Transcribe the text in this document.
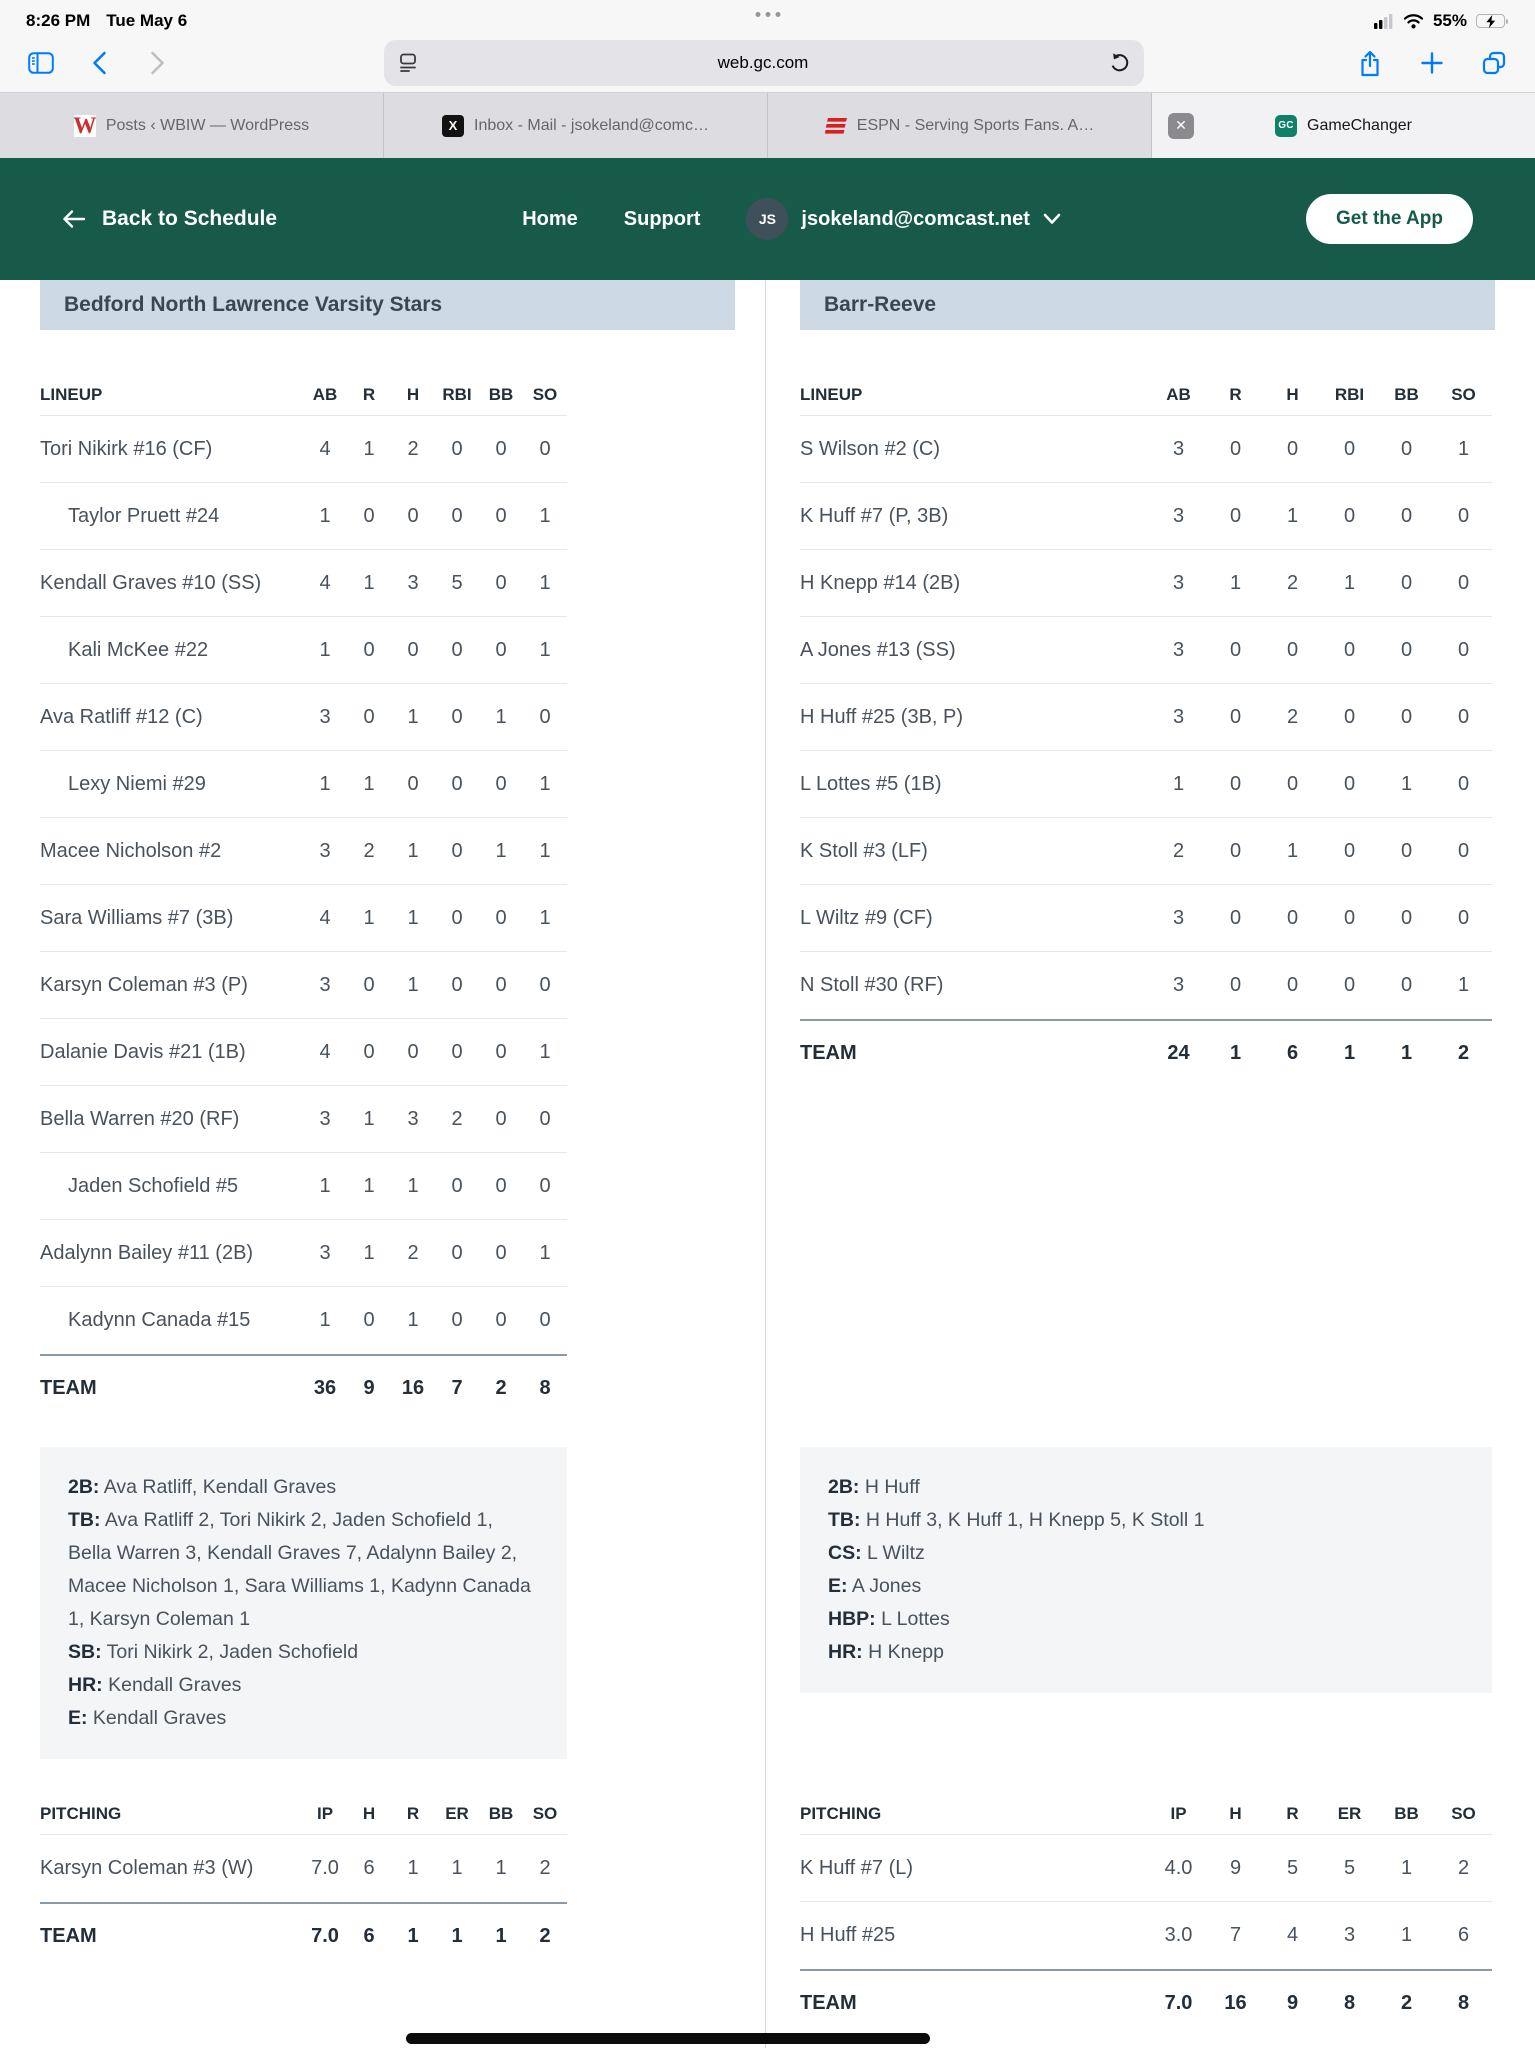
8:26 PM Tue May 6	55%
web.gc.com
W Posts ‹ WBIW — WordPress	X	Inbox - Mail - jsokeland@comc…	ESPN - Serving Sports Fans. A…	✕	GC GameChanger
Back to Schedule	Home Support	JS	jsokeland@comcast.net	Get the App
Bedford North Lawrence Varsity Stars
LINEUP	AB	R	H	RBI	BB	SO
Tori Nikirk #16 (CF)	4	1	2	0	0	0
Taylor Pruett #24	1	0	0	0	0	1
Kendall Graves #10 (SS)	4	1	3	5	0	1
Kali McKee #22	1	0	0	0	0	1
Ava Ratliff #12 (C)	3	0	1	0	1	0
Lexy Niemi #29	1	1	0	0	0	1
Macee Nicholson #2	3	2	1	0	1	1
Sara Williams #7 (3B)	4	1	1	0	0	1
Karsyn Coleman #3 (P)	3	0	1	0	0	0
Dalanie Davis #21 (1B)	4	0	0	0	0	1
Bella Warren #20 (RF)	3	1	3	2	0	0
Jaden Schofield #5	1	1	1	0	0	0
Adalynn Bailey #11 (2B)	3	1	2	0	0	1
Kadynn Canada #15	1	0	1	0	0	0
TEAM	36	9	16	7	2	8
2B: Ava Ratliff, Kendall Graves
TB: Ava Ratliff 2, Tori Nikirk 2, Jaden Schofield 1, Bella Warren 3, Kendall Graves 7, Adalynn Bailey 2, Macee Nicholson 1, Sara Williams 1, Kadynn Canada 1, Karsyn Coleman 1
SB: Tori Nikirk 2, Jaden Schofield
HR: Kendall Graves
E: Kendall Graves
PITCHING	IP	H	R	ER	BB	SO
Karsyn Coleman #3 (W)	7.0	6	1	1	1	2
TEAM	7.0	6	1	1	1	2
Barr-Reeve
LINEUP	AB	R	H	RBI	BB	SO
S Wilson #2 (C)	3	0	0	0	0	1
K Huff #7 (P, 3B)	3	0	1	0	0	0
H Knepp #14 (2B)	3	1	2	1	0	0
A Jones #13 (SS)	3	0	0	0	0	0
H Huff #25 (3B, P)	3	0	2	0	0	0
L Lottes #5 (1B)	1	0	0	0	1	0
K Stoll #3 (LF)	2	0	1	0	0	0
L Wiltz #9 (CF)	3	0	0	0	0	0
N Stoll #30 (RF)	3	0	0	0	0	1
TEAM	24	1	6	1	1	2
2B: H Huff
TB: H Huff 3, K Huff 1, H Knepp 5, K Stoll 1
CS: L Wiltz
E: A Jones
HBP: L Lottes
HR: H Knepp
PITCHING	IP	H	R	ER	BB	SO
K Huff #7 (L)	4.0	9	5	5	1	2
H Huff #25	3.0	7	4	3	1	6
TEAM	7.0	16	9	8	2	8
